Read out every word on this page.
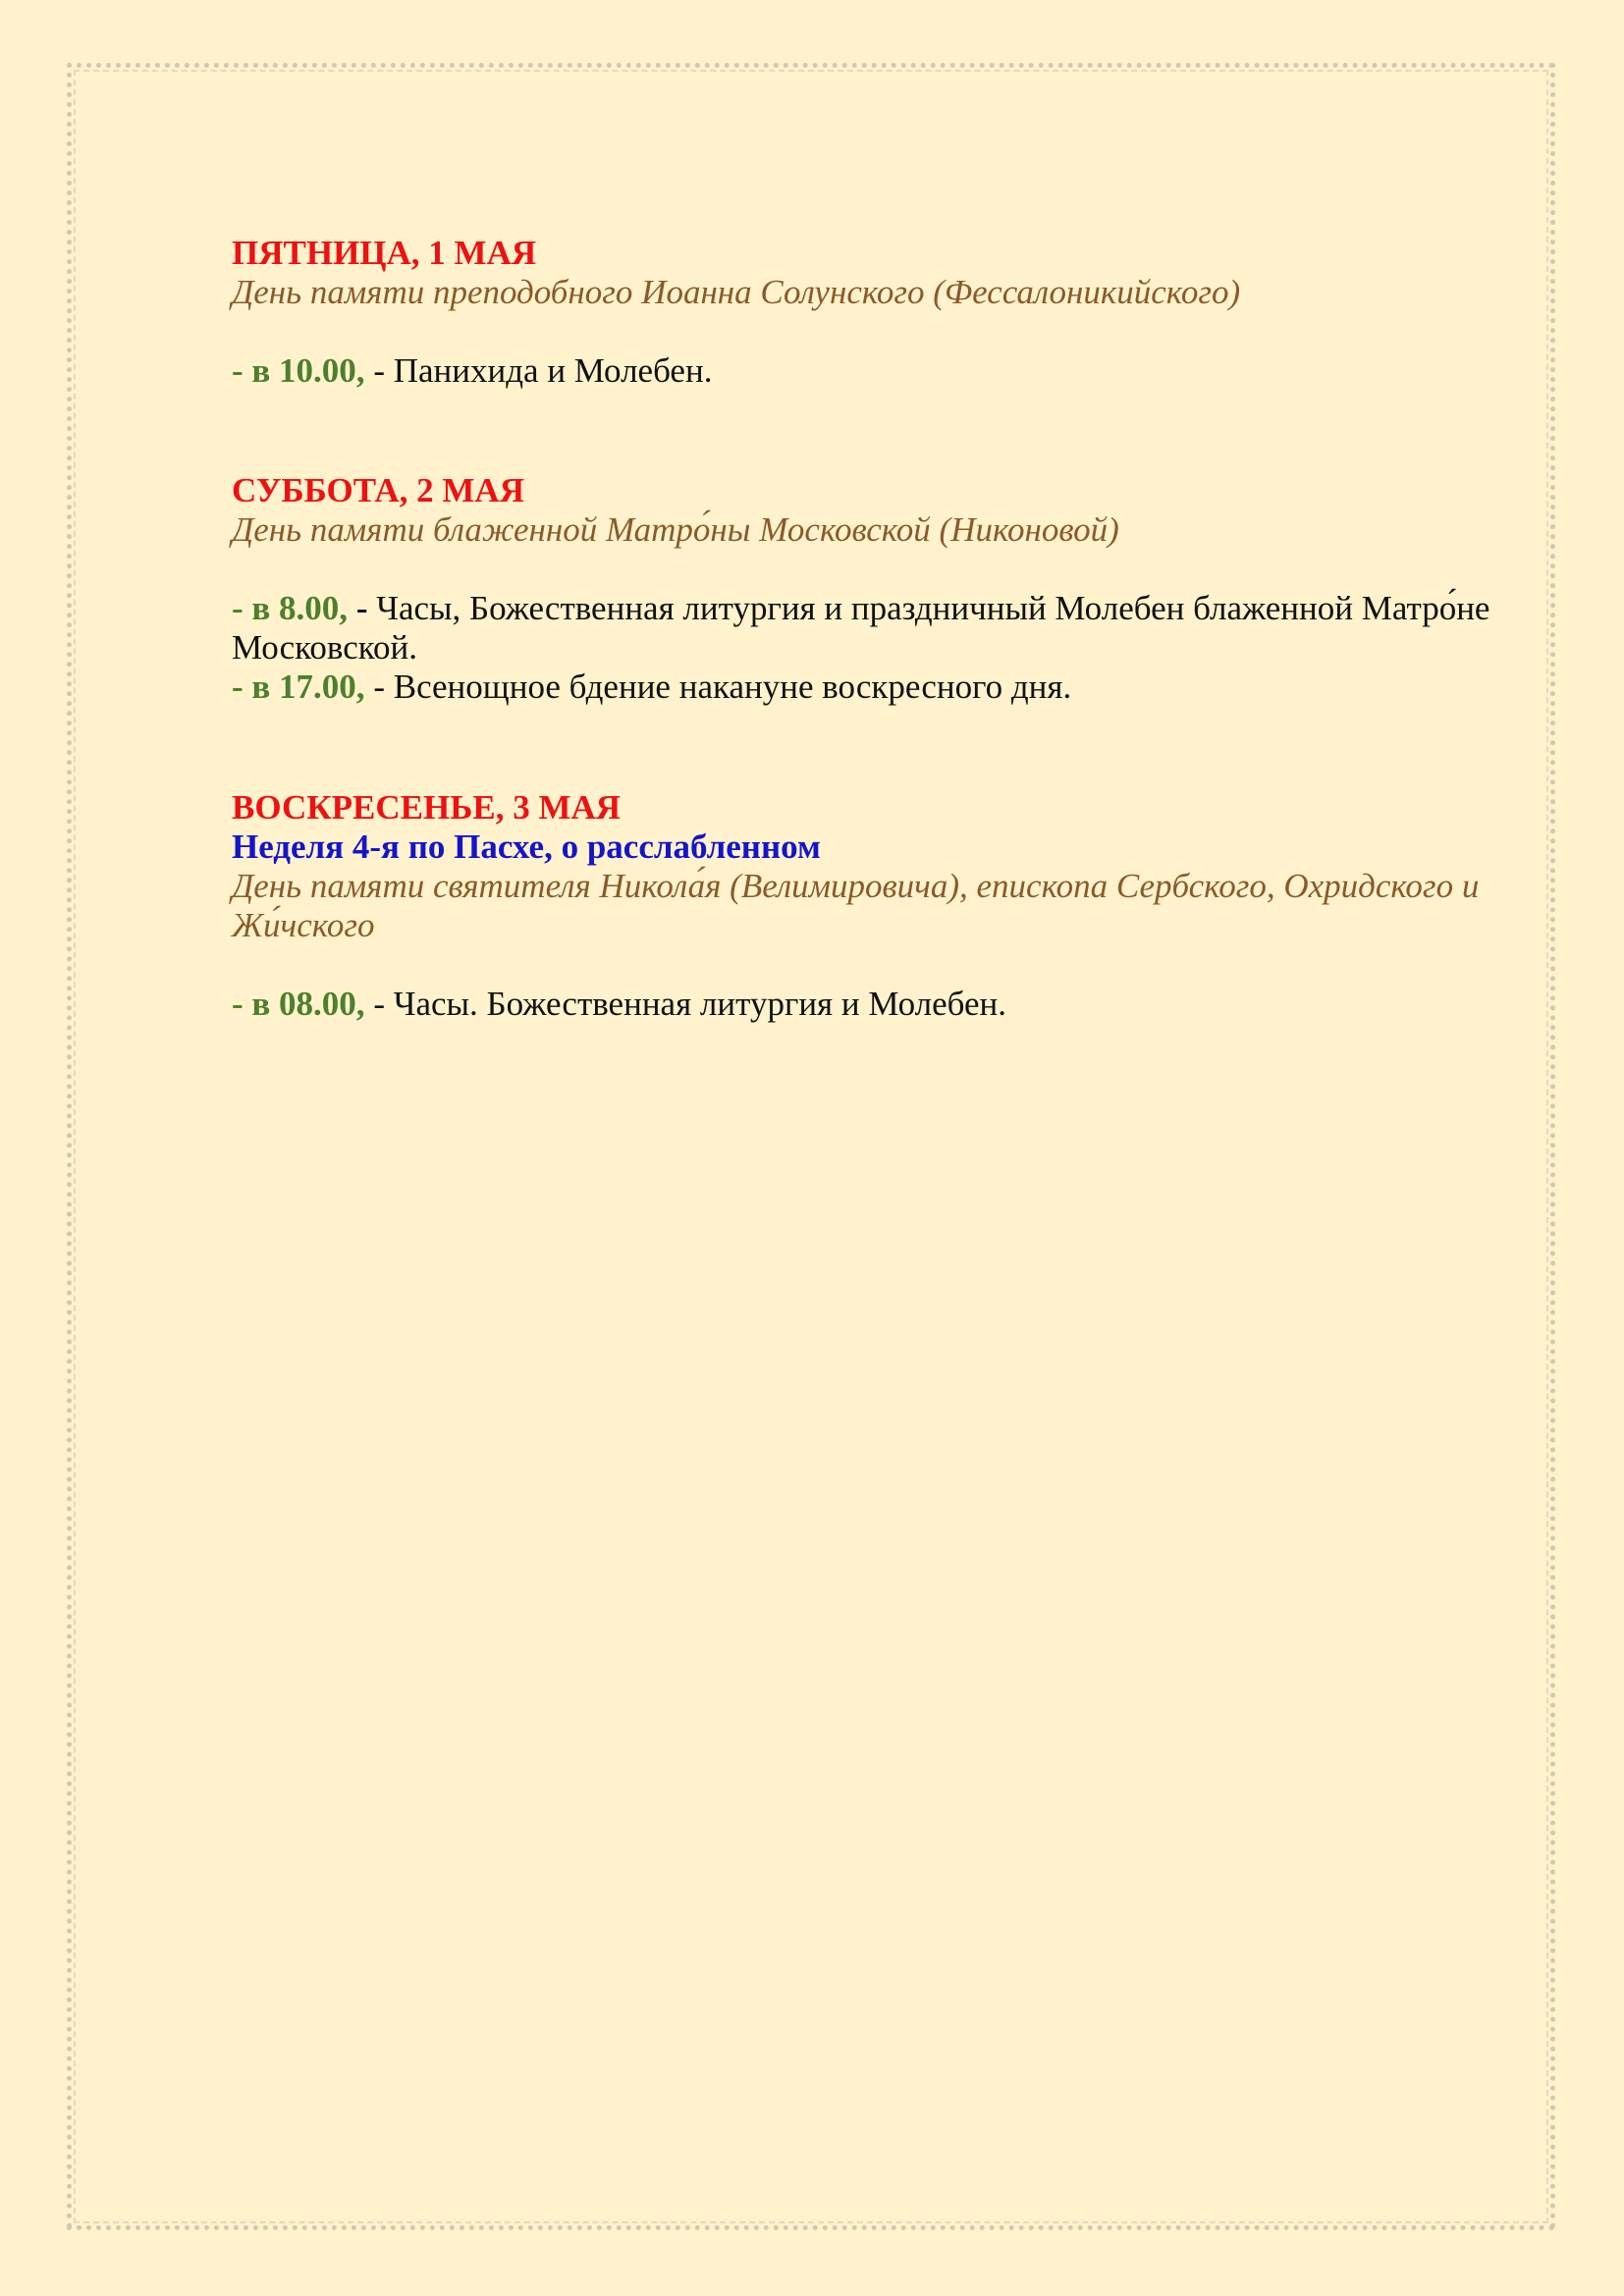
ПЯТНИЦА, 1 МАЯ

День памяти преподобного Иоанна Солунского (Фессалоникийского)

- в 10.00, - Панихида и Молебен.

СУББОТА, 2 МАЯ

День памяти блаженной Матро́ны Московской (Никоновой)

- в 8.00, - Часы, Божественная литургия и праздничный Молебен блаженной Матро́не Московской.

- в 17.00, - Всенощное бдение накануне воскресного дня.

ВОСКРЕСЕНЬЕ, 3 МАЯ

Неделя 4-я по Пасхе, о расслабленном

День памяти святителя Никола́я (Велимировича), епископа Сербского, Охридского и Жи́чского

- в 08.00, - Часы. Божественная литургия и Молебен.
